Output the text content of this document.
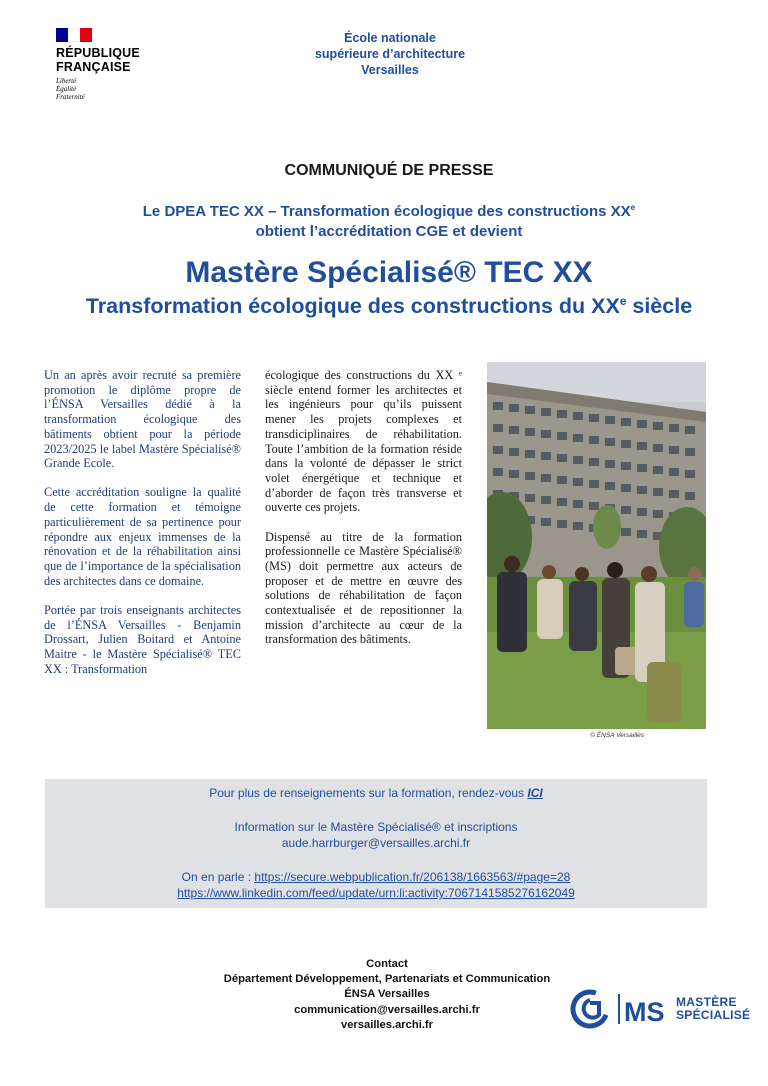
RÉPUBLIQUE
FRANÇAISE
Liberté
Égalité
Fraternité
École nationale
supérieure d’architecture
Versailles
COMMUNIQUÉ DE PRESSE
Le DPEA TEC XX – Transformation écologique des constructions XXe
obtient l’accréditation CGE et devient
Mastère Spécialisé® TEC XX
Transformation écologique des constructions du XXe siècle

Un an après avoir recruté sa première promotion le diplôme propre de l’ÉNSA Versailles dédié à la transformation écologique des bâtiments obtient pour la période 2023/2025 le label Mastère Spécialisé® Grande Ecole.

Cette accréditation souligne la qualité de cette formation et témoigne particulièrement de sa pertinence pour répondre aux enjeux immenses de la rénovation et de la réhabilitation ainsi que de l’importance de la spécialisation des architectes dans ce domaine.

Portée par trois enseignants architectes de l’ÉNSA Versailles - Benjamin Drossart, Julien Boitard et Antoine Maitre - le Mastère Spécialisé® TEC XX : Transformation

écologique des constructions du XX ᵉ siècle entend former les architectes et les ingénieurs pour qu’ils puissent mener les projets complexes et transdiciplinaires de réhabilitation. Toute l’ambition de la formation réside dans la volonté de dépasser le strict volet énergétique et technique et d’aborder de façon très transverse et ouverte ces projets.

Dispensé au titre de la formation professionnelle ce Mastère Spécialisé® (MS) doit permettre aux acteurs de proposer et de mettre en œuvre des solutions de réhabilitation de façon contextualisée et de repositionner la mission d’architecte au cœur de la transformation des bâtiments.

© ÉNSA Versailles
Pour plus de renseignements sur la formation, rendez-vous ICI
Information sur le Mastère Spécialisé® et inscriptions
aude.harrburger@versailles.archi.fr
On en parle : https://secure.webpublication.fr/206138/1663563/#page=28
https://www.linkedin.com/feed/update/urn:li:activity:7067141585276162049
Contact
Département Développement, Partenariats et Communication
ÉNSA Versailles
communication@versailles.archi.fr
versailles.archi.fr	MS MASTÈRE
SPÉCIALISÉ
